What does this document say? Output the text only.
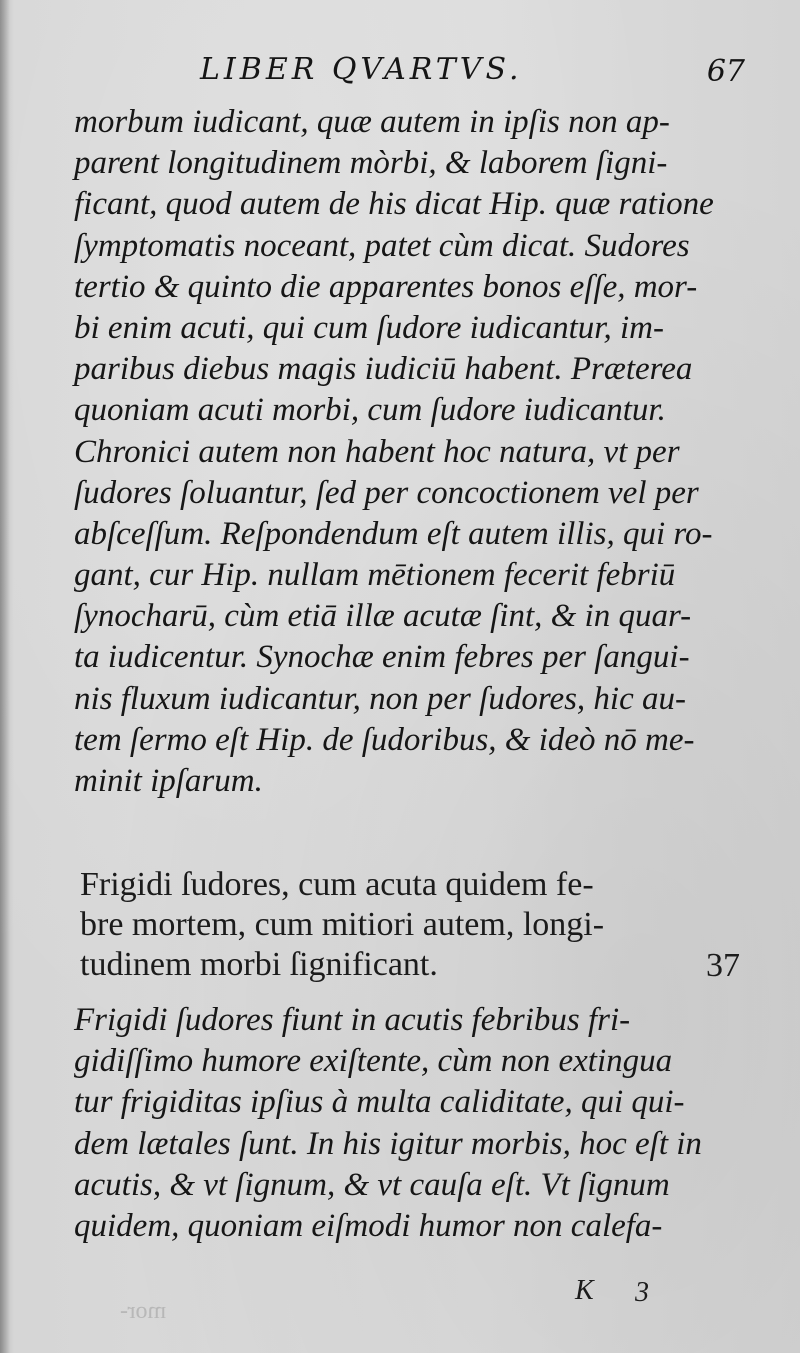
LIBER QVARTVS.	67
morbum iudicant, quæ autem in ipſis non ap-
parent longitudinem mòrbi, & laborem ſigni-
ficant, quod autem de his dicat Hip. quæ ratione
ſymptomatis noceant, patet cùm dicat. Sudores
tertio & quinto die apparentes bonos eſſe, mor-
bi enim acuti, qui cum ſudore iudicantur, im-
paribus diebus magis iudiciū habent. Præterea
quoniam acuti morbi, cum ſudore iudicantur.
Chronici autem non habent hoc natura, vt per
ſudores ſoluantur, ſed per concoctionem vel per
abſceſſum. Reſpondendum eſt autem illis, qui ro-
gant, cur Hip. nullam mētionem fecerit febriū
ſynocharū, cùm etiā illæ acutæ ſint, & in quar-
ta iudicentur. Synochæ enim febres per ſangui-
nis fluxum iudicantur, non per ſudores, hic au-
tem ſermo eſt Hip. de ſudoribus, & ideò nō me-
minit ipſarum.
Frigidi ſudores, cum acuta quidem fe-
bre mortem, cum mitiori autem, longi-
tudinem morbi ſignificant.	37
Frigidi ſudores fiunt in acutis febribus fri-
gidiſſimo humore exiſtente, cùm non extingua
tur frigiditas ipſius à multa caliditate, qui qui-
dem lætales ſunt. In his igitur morbis, hoc eſt in
acutis, & vt ſignum, & vt cauſa eſt. Vt ſignum
quidem, quoniam eiſmodi humor non calefa-
K 3
mor-
